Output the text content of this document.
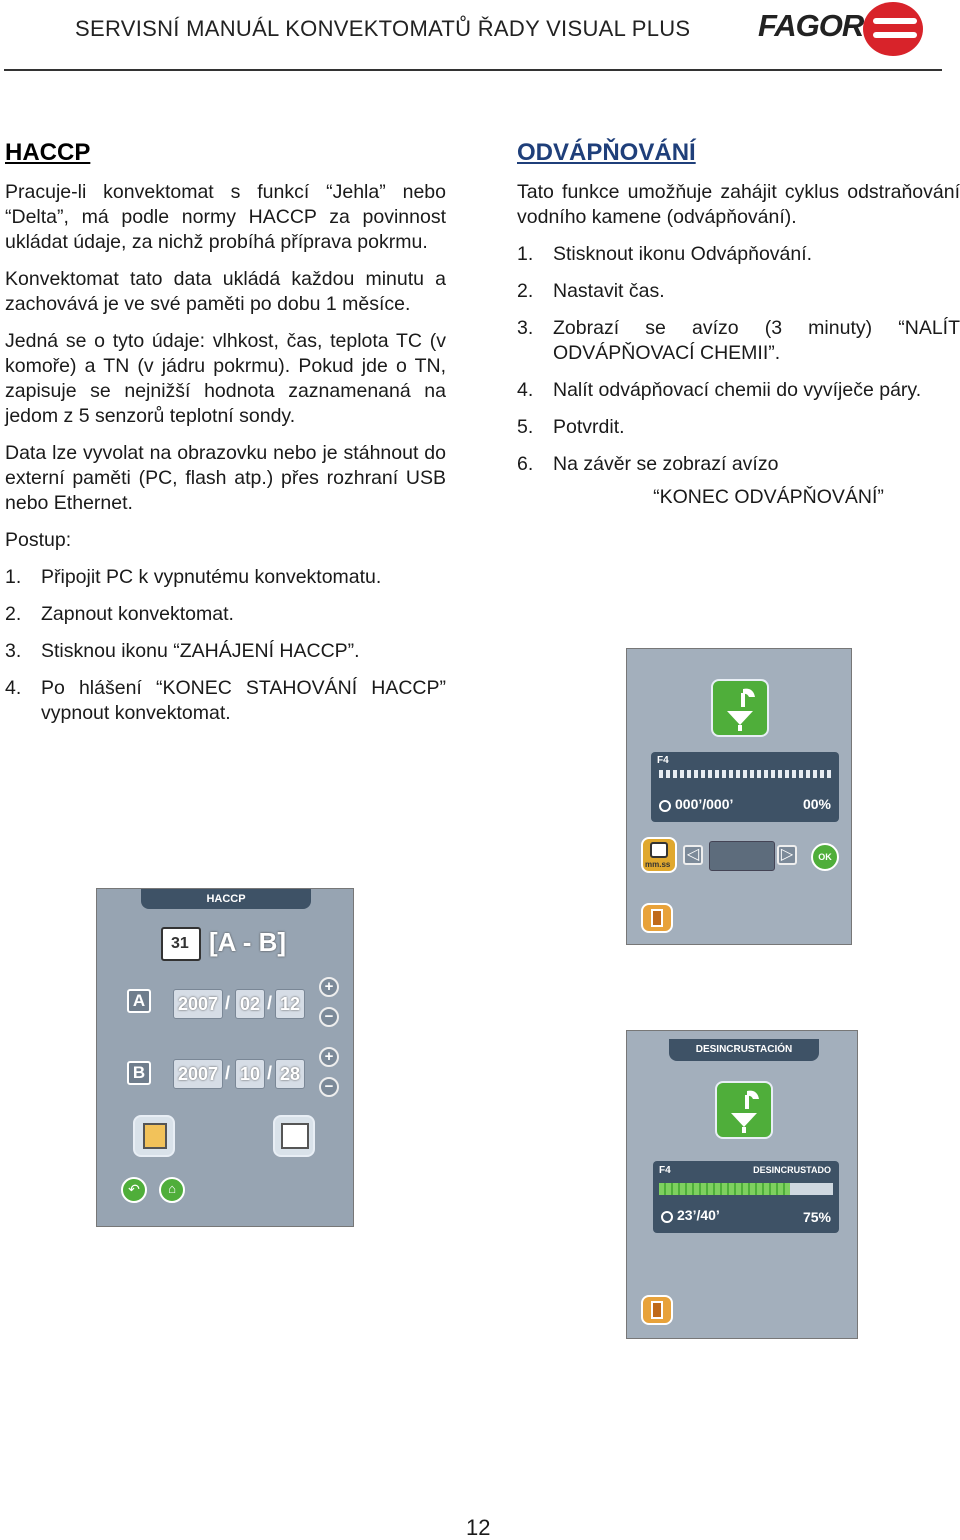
SERVISNÍ MANUÁL KONVEKTOMATŮ ŘADY VISUAL PLUS FAGOR
HACCP
Pracuje-li konvektomat s funkcí “Jehla” nebo “Delta”, má podle normy HACCP za povinnost ukládat údaje, za nichž probíhá příprava pokrmu.
Konvektomat tato data ukládá každou minutu a zachovává je ve své paměti po dobu 1 měsíce.
Jedná se o tyto údaje: vlhkost, čas, teplota TC (v komoře) a TN (v jádru pokrmu). Pokud jde o TN, zapisuje se nejnižší hodnota zaznamenaná na jedom z 5 senzorů teplotní sondy.
Data lze vyvolat na obrazovku nebo je stáhnout do externí paměti (PC, flash atp.) přes rozhraní USB nebo Ethernet.
Postup:
1.	Připojit PC k vypnutému konvektomatu.
2.	Zapnout konvektomat.
3.	Stisknou ikonu “ZAHÁJENÍ HACCP”.
4.	Po hlášení “KONEC STAHOVÁNÍ HACCP” vypnout konvektomat.
ODVÁPŇOVÁNÍ
Tato funkce umožňuje zahájit cyklus odstraňování vodního kamene (odvápňování).
1.	Stisknout ikonu Odvápňování.
2.	Nastavit čas.
3.	Zobrazí se avízo (3 minuty) “NALÍT ODVÁPŇOVACÍ CHEMII”.
4.	Nalít odvápňovací chemii do vyvíječe páry.
5.	Potvrdit.
6.	Na závěr se zobrazí avízo
“KONEC ODVÁPŇOVÁNÍ”
F4
000’/000’	00%
mm.ss
◁	▷	OK
HACCP
31 [A - B]
A	2007 / 02 / 12
+
−
B	2007 / 10 / 28
+
−
↶	⌂
DESINCRUSTACIÓN
F4	DESINCRUSTADO
23’/40’	75%
12
